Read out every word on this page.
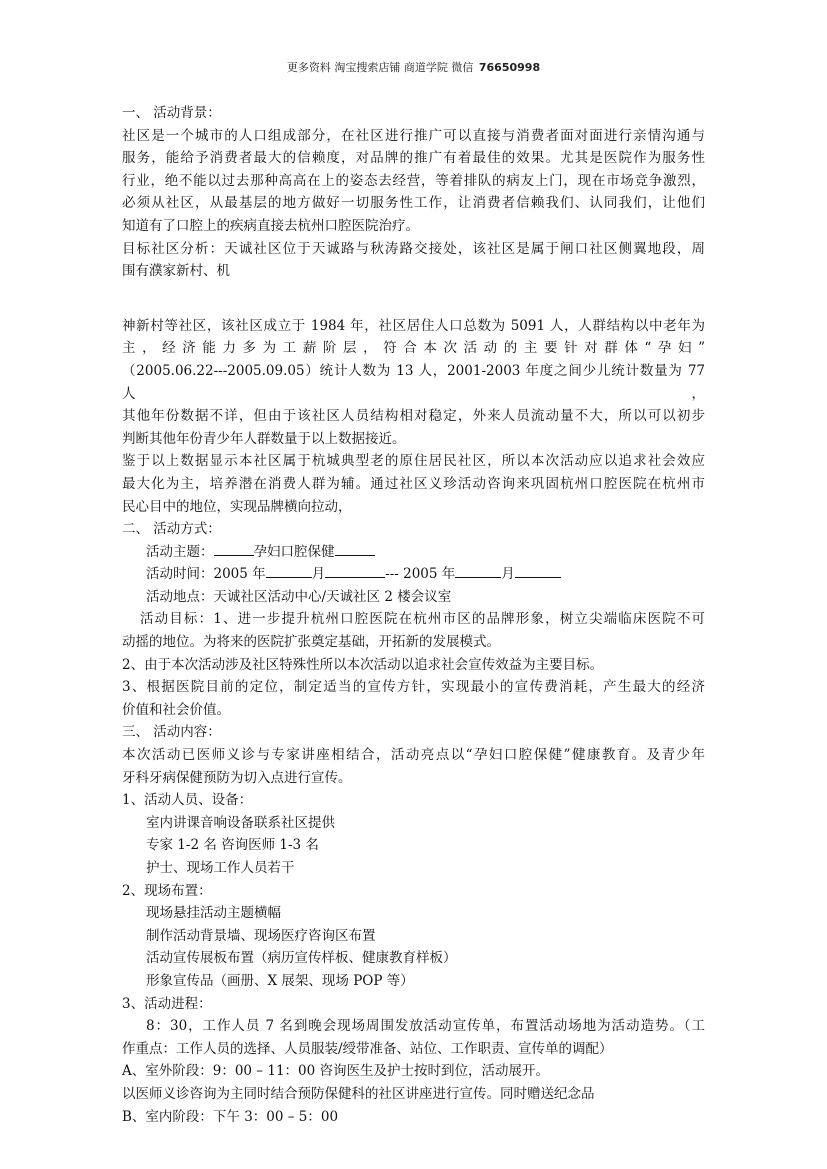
更多资料 淘宝搜索店铺 商道学院 微信 76650998

一、 活动背景：

社区是一个城市的人口组成部分，在社区进行推广可以直接与消费者面对面进行亲情沟通与

服务，能给予消费者最大的信赖度，对品牌的推广有着最佳的效果。尤其是医院作为服务性

行业，绝不能以过去那种高高在上的姿态去经营，等着排队的病友上门，现在市场竞争激烈，

必须从社区，从最基层的地方做好一切服务性工作，让消费者信赖我们、认同我们，让他们

知道有了口腔上的疾病直接去杭州口腔医院治疗。

目标社区分析：天诚社区位于天诚路与秋涛路交接处，该社区是属于闸口社区侧翼地段，周

围有濮家新村、机

神新村等社区，该社区成立于 1984 年，社区居住人口总数为 5091 人，人群结构以中老年为

主，经济能力多为工薪阶层，符合本次活动的主要针对群体“孕妇”

（2005.06.22---2005.09.05）统计人数为 13 人，2001-2003 年度之间少儿统计数量为 77 人，

其他年份数据不详，但由于该社区人员结构相对稳定，外来人员流动量不大，所以可以初步

判断其他年份青少年人群数量于以上数据接近。

鉴于以上数据显示本社区属于杭城典型老的原住居民社区，所以本次活动应以追求社会效应

最大化为主，培养潜在消费人群为辅。通过社区义珍活动咨询来巩固杭州口腔医院在杭州市

民心目中的地位，实现品牌横向拉动，

二、 活动方式：

活动主题：	孕妇口腔保健

活动时间：2005 年	月	--- 2005 年	月

活动地点：天诚社区活动中心/天诚社区 2 楼会议室

活动目标：1、进一步提升杭州口腔医院在杭州市区的品牌形象，树立尖端临床医院不可

动摇的地位。为将来的医院扩张奠定基础，开拓新的发展模式。

2、由于本次活动涉及社区特殊性所以本次活动以追求社会宣传效益为主要目标。

3、根据医院目前的定位，制定适当的宣传方针，实现最小的宣传费消耗，产生最大的经济

价值和社会价值。

三、 活动内容：

本次活动已医师义诊与专家讲座相结合，活动亮点以“孕妇口腔保健”健康教育。及青少年

牙科牙病保健预防为切入点进行宣传。

1、活动人员、设备：

室内讲课音响设备联系社区提供

专家 1-2 名 咨询医师 1-3 名

护士、现场工作人员若干

2、现场布置：

现场悬挂活动主题横幅

制作活动背景墙、现场医疗咨询区布置

活动宣传展板布置（病历宣传样板、健康教育样板）

形象宣传品（画册、X 展架、现场 POP 等）

3、活动进程：

8：30，工作人员 7 名到晚会现场周围发放活动宣传单，布置活动场地为活动造势。（工

作重点：工作人员的选择、人员服装/绶带准备、站位、工作职责、宣传单的调配）

A、室外阶段：9：00 – 11：00 咨询医生及护士按时到位，活动展开。

以医师义诊咨询为主同时结合预防保健科的社区讲座进行宣传。同时赠送纪念品

B、室内阶段：下午 3：00 – 5：00
